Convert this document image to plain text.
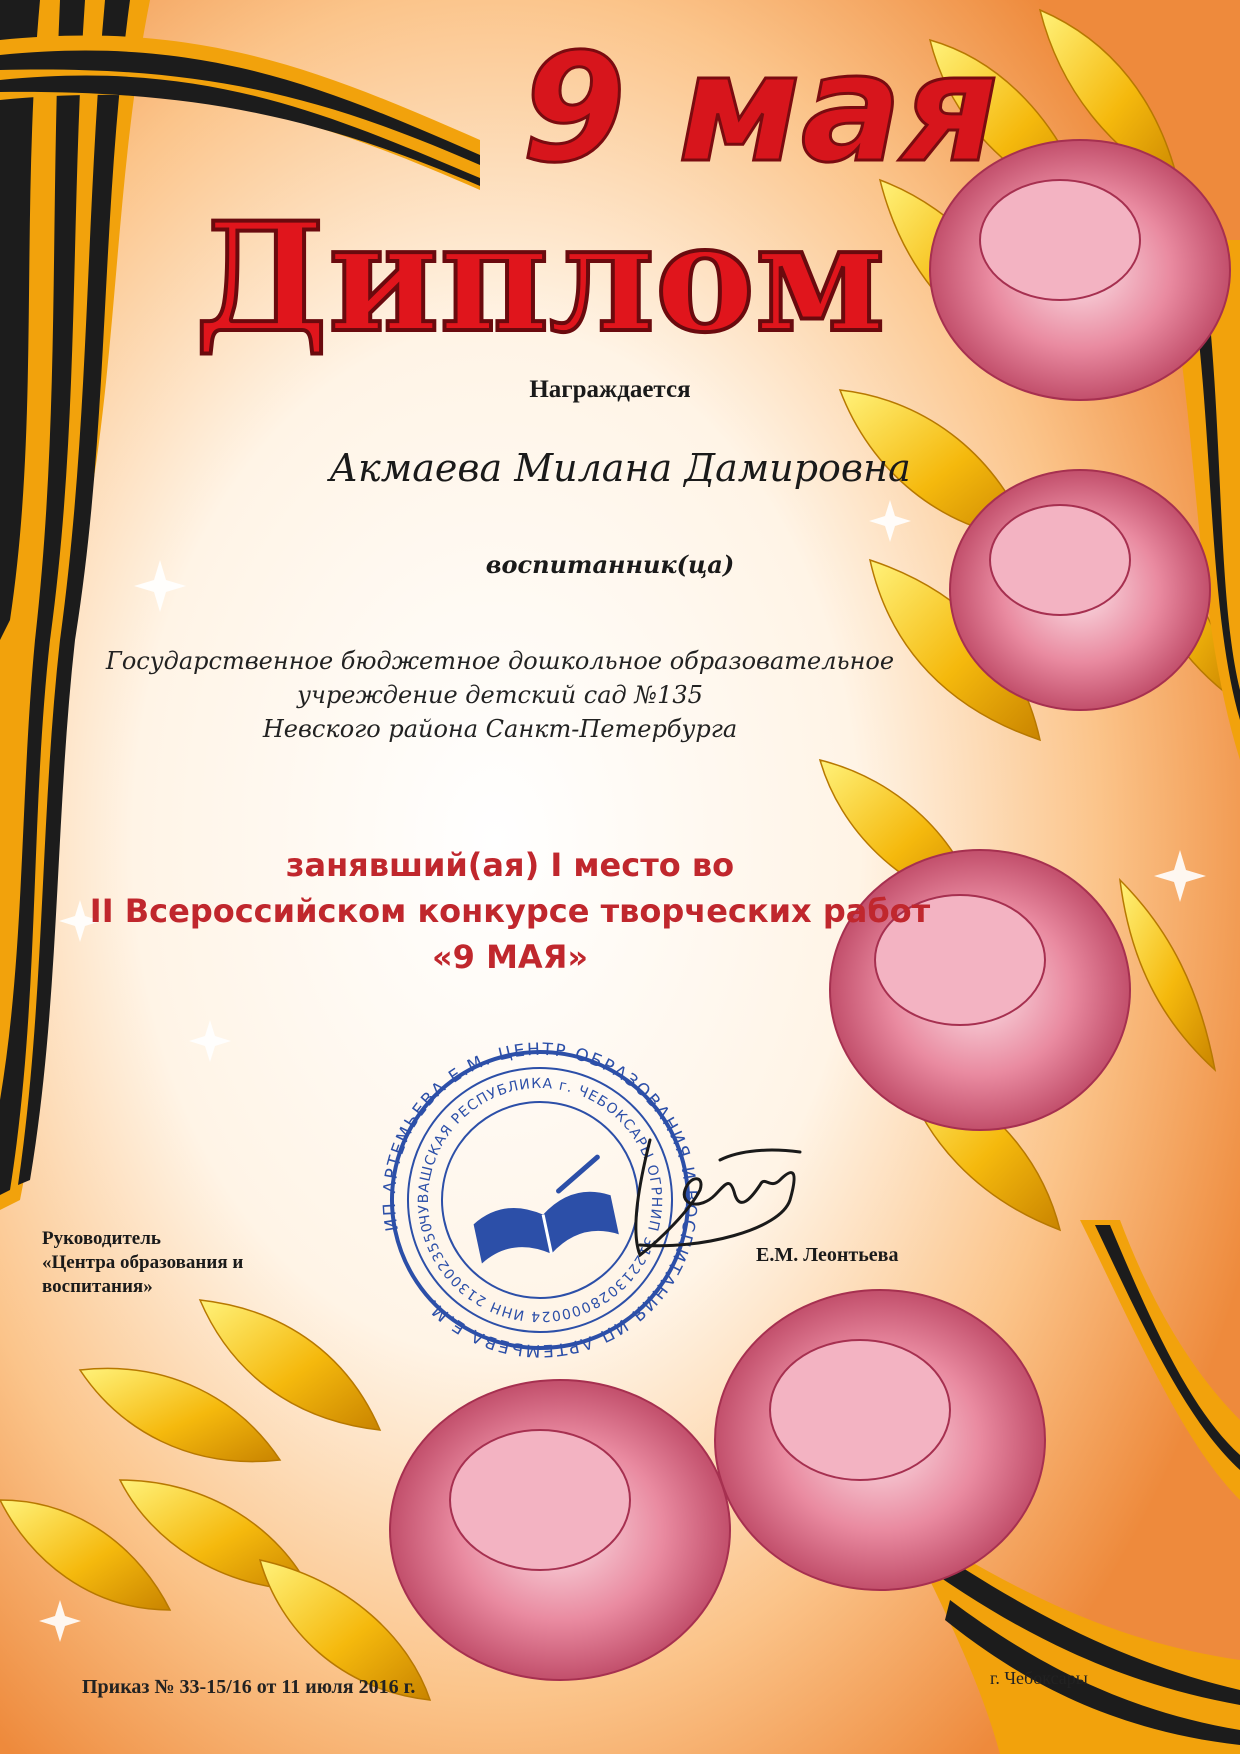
9 мая
Диплом

Награждается

Акмаева Милана Дамировна

воспитанник(ца)

Государственное бюджетное дошкольное образовательное

учреждение детский сад №135

Невского района Санкт-Петербурга

занявший(ая) I место во

II Всероссийском конкурсе творческих работ

«9 МАЯ»

Руководитель

«Центра образования и

воспитания»

ИП АРТЕМЬЕВА Е.М. ЦЕНТР ОБРАЗОВАНИЯ И ВОСПИТАНИЯ ИП АРТЕМЬЕВА Е.М.
ЧУВАШСКАЯ РЕСПУБЛИКА г. ЧЕБОКСАРЫ ОГРНИП 312213028000024 ИНН 213002355052

Е.М. Леонтьева

Приказ № 33-15/16 от 11 июля 2016 г.	г. Чебоксары
